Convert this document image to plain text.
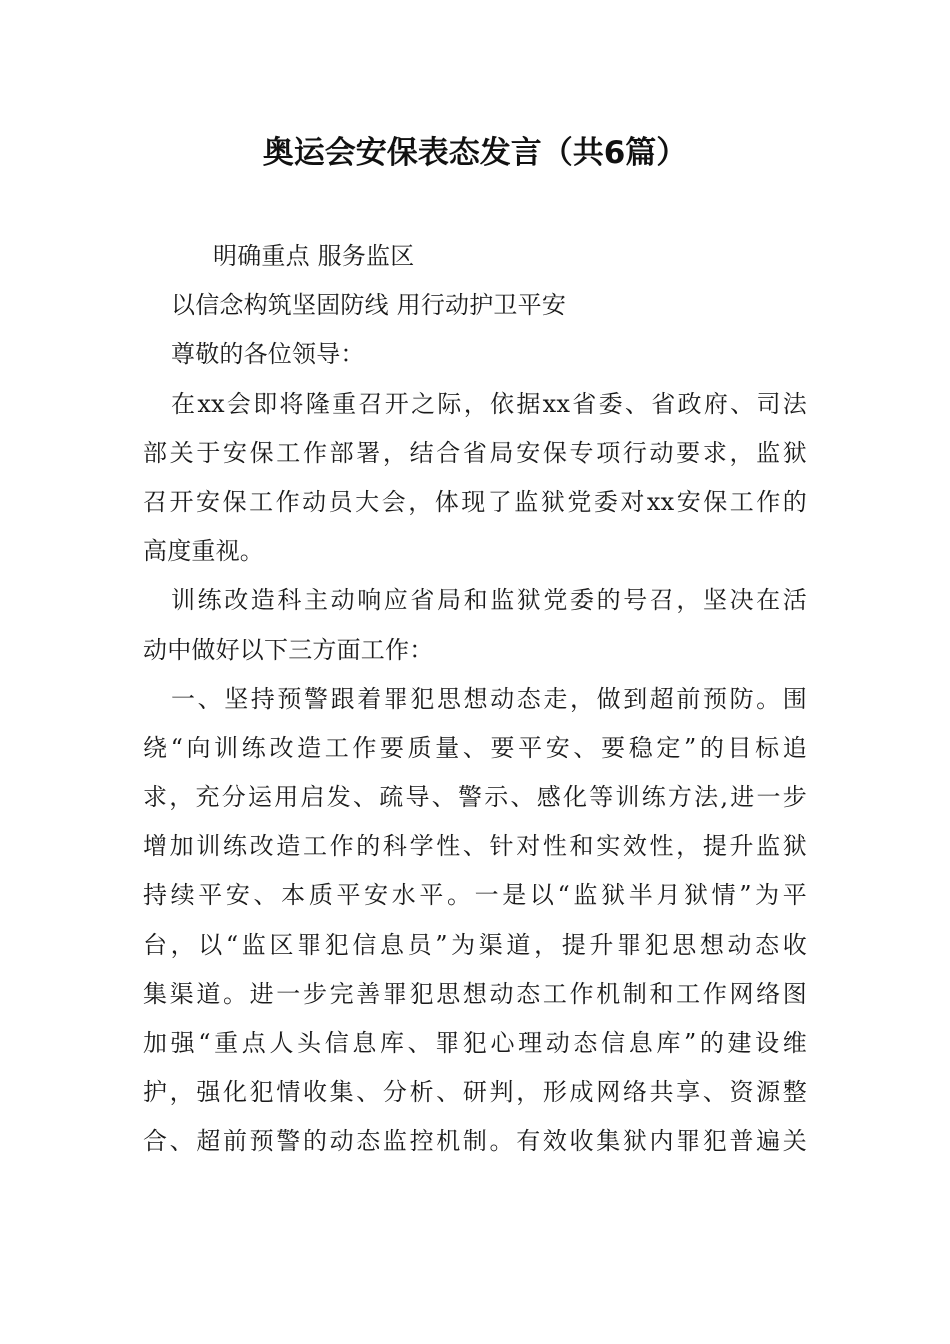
奥运会安保表态发言（共6篇）
明确重点 服务监区
以信念构筑坚固防线 用行动护卫平安
尊敬的各位领导：
在xx会即将隆重召开之际，依据xx省委、省政府、司法
部关于安保工作部署，结合省局安保专项行动要求，监狱
召开安保工作动员大会，体现了监狱党委对xx安保工作的
高度重视。
训练改造科主动响应省局和监狱党委的号召，坚决在活
动中做好以下三方面工作：
一、坚持预警跟着罪犯思想动态走，做到超前预防。围
绕“向训练改造工作要质量、要平安、要稳定”的目标追
求，充分运用启发、疏导、警示、感化等训练方法,进一步
增加训练改造工作的科学性、针对性和实效性，提升监狱
持续平安、本质平安水平。一是以“监狱半月狱情”为平
台，以“监区罪犯信息员”为渠道，提升罪犯思想动态收
集渠道。进一步完善罪犯思想动态工作机制和工作网络图
加强“重点人头信息库、罪犯心理动态信息库”的建设维
护，强化犯情收集、分析、研判，形成网络共享、资源整
合、超前预警的动态监控机制。有效收集狱内罪犯普遍关
